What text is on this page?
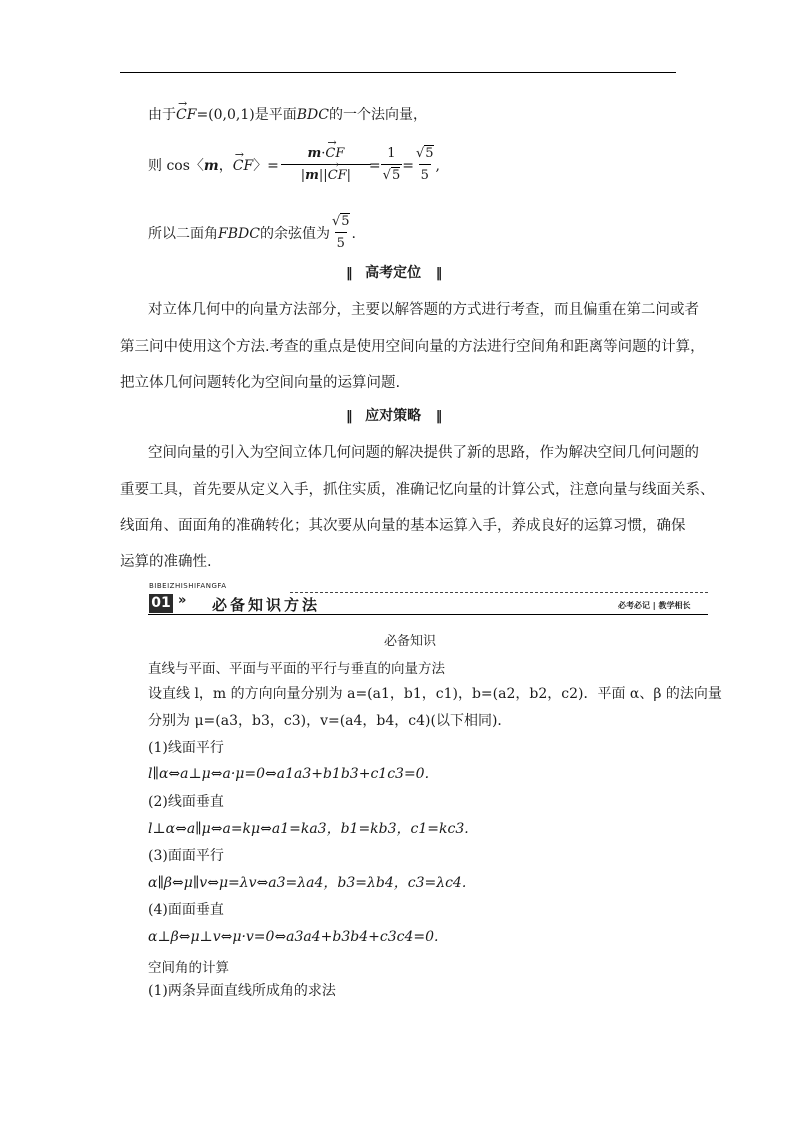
由于→ CF=(0,0,1)是平面BDC的一个法向量，
则 cos〈 m ，
→ CF 〉= $\frac{m\cdot\to CF}{|m||\to CF|} = \frac{1}{√5} = \frac{√5}{5}$ ,
所以二面角 FBDC 的余弦值为 $\frac{√5}{5}$ .
‖ 高考定位 ‖
对立体几何中的向量方法部分，主要以解答题的方式进行考查，而且偏重在第二问或者
第三问中使用这个方法.考查的重点是使用空间向量的方法进行空间角和距离等问题的计算，
把立体几何问题转化为空间向量的运算问题.
‖ 应对策略 ‖
空间向量的引入为空间立体几何问题的解决提供了新的思路，作为解决空间几何问题的
重要工具，首先要从定义入手，抓住实质，准确记忆向量的计算公式，注意向量与线面关系、
线面角、面面角的准确转化；其次要从向量的基本运算入手，养成良好的运算习惯，确保
运算的准确性.
BIBEIZHISHIFANGFA
01 » 必备知识方法	必考必记 | 教学相长
必备知识
直线与平面、平面与平面的平行与垂直的向量方法
设直线 l，m 的方向向量分别为 a=(a1，b1，c1)，b=(a2，b2，c2)．平面 α、β 的法向量
分别为 μ=(a3，b3，c3)，v=(a4，b4，c4)(以下相同)．
(1)线面平行
l∥α⇔a⊥μ⇔a·μ=0⇔a1a3+b1b3+c1c3=0.
(2)线面垂直
l⊥α⇔a∥μ⇔a=kμ⇔a1=ka3，b1=kb3，c1=kc3.
(3)面面平行
α∥β⇔μ∥v⇔μ=λv⇔a3=λa4，b3=λb4，c3=λc4.
(4)面面垂直
α⊥β⇔μ⊥v⇔μ·v=0⇔a3a4+b3b4+c3c4=0.
空间角的计算
(1)两条异面直线所成角的求法
